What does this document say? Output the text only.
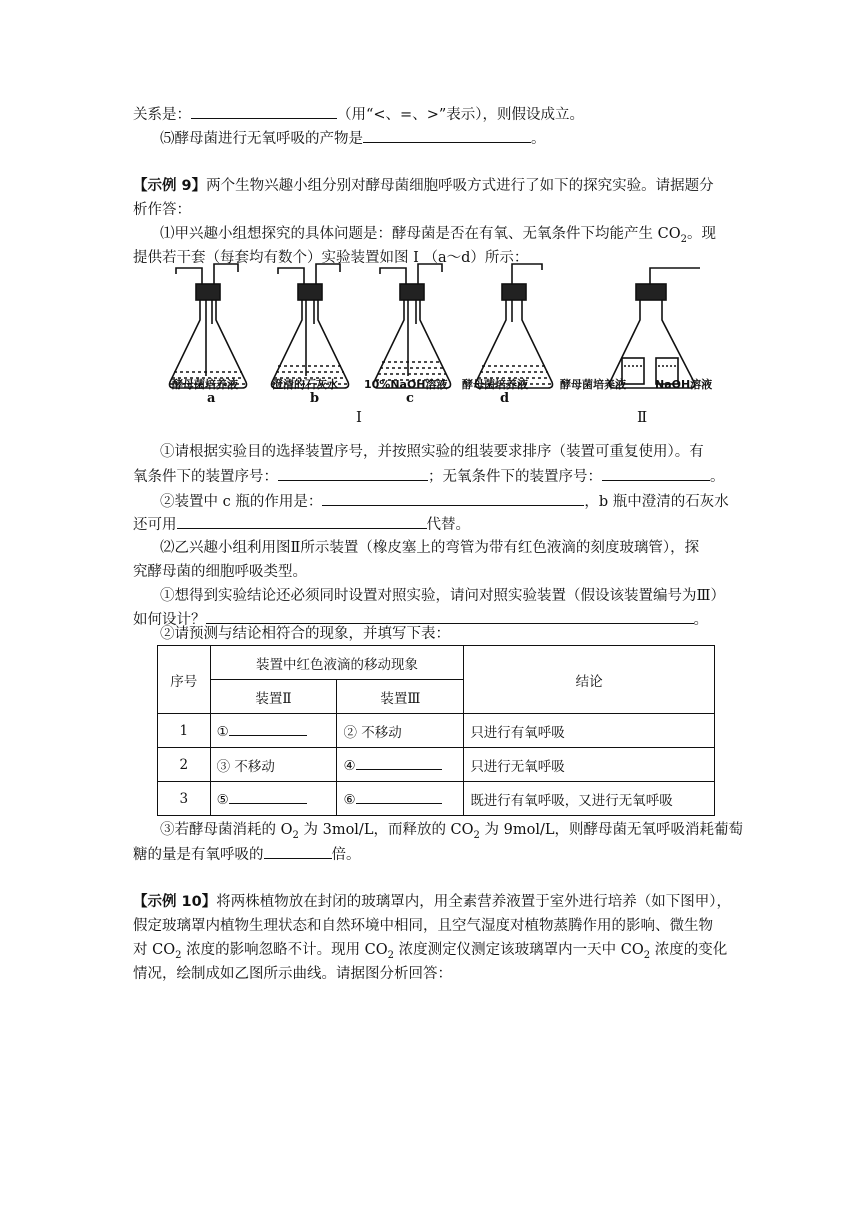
关系是：	（用“<、=、>”表示），则假设成立。
⑸酵母菌进行无氧呼吸的产物是	。
【示例 9】两个生物兴趣小组分别对酵母菌细胞呼吸方式进行了如下的探究实验。请据题分
析作答：
⑴甲兴趣小组想探究的具体问题是：酵母菌是否在有氧、无氧条件下均能产生 $CO_2$。现
提供若干套（每套均有数个）实验装置如图 I （a～d）所示：
酵母菌培养液	澄清的石灰水 10%NaOH溶液 酵母菌培养液	酵母菌培养液	NaOH溶液
a	b	c	d
Ⅰ	Ⅱ
①请根据实验目的选择装置序号，并按照实验的组装要求排序（装置可重复使用）。有
氧条件下的装置序号：	；无氧条件下的装置序号：	。
②装置中 c 瓶的作用是：	，b 瓶中澄清的石灰水
还可用	代替。
⑵乙兴趣小组利用图Ⅱ所示装置（橡皮塞上的弯管为带有红色液滴的刻度玻璃管），探
究酵母菌的细胞呼吸类型。
①想得到实验结论还必须同时设置对照实验，请问对照实验装置（假设该装置编号为Ⅲ）
如何设计？	。
②请预测与结论相符合的现象，并填写下表：
序号	装置中红色液滴的移动现象		结论
	装置Ⅱ	装置Ⅲ	
1	①	② 不移动	只进行有氧呼吸
2	③ 不移动	④	只进行无氧呼吸
3	⑤	⑥	既进行有氧呼吸，又进行无氧呼吸
③若酵母菌消耗的 $O_2$ 为 3mol/L，而释放的 $CO_2$ 为 9mol/L，则酵母菌无氧呼吸消耗葡萄
糖的量是有氧呼吸的	倍。
【示例 10】将两株植物放在封闭的玻璃罩内，用全素营养液置于室外进行培养（如下图甲），
假定玻璃罩内植物生理状态和自然环境中相同，且空气湿度对植物蒸腾作用的影响、微生物
对 $CO_2$ 浓度的影响忽略不计。现用 $CO_2$ 浓度测定仪测定该玻璃罩内一天中 $CO_2$ 浓度的变化
情况，绘制成如乙图所示曲线。请据图分析回答：
